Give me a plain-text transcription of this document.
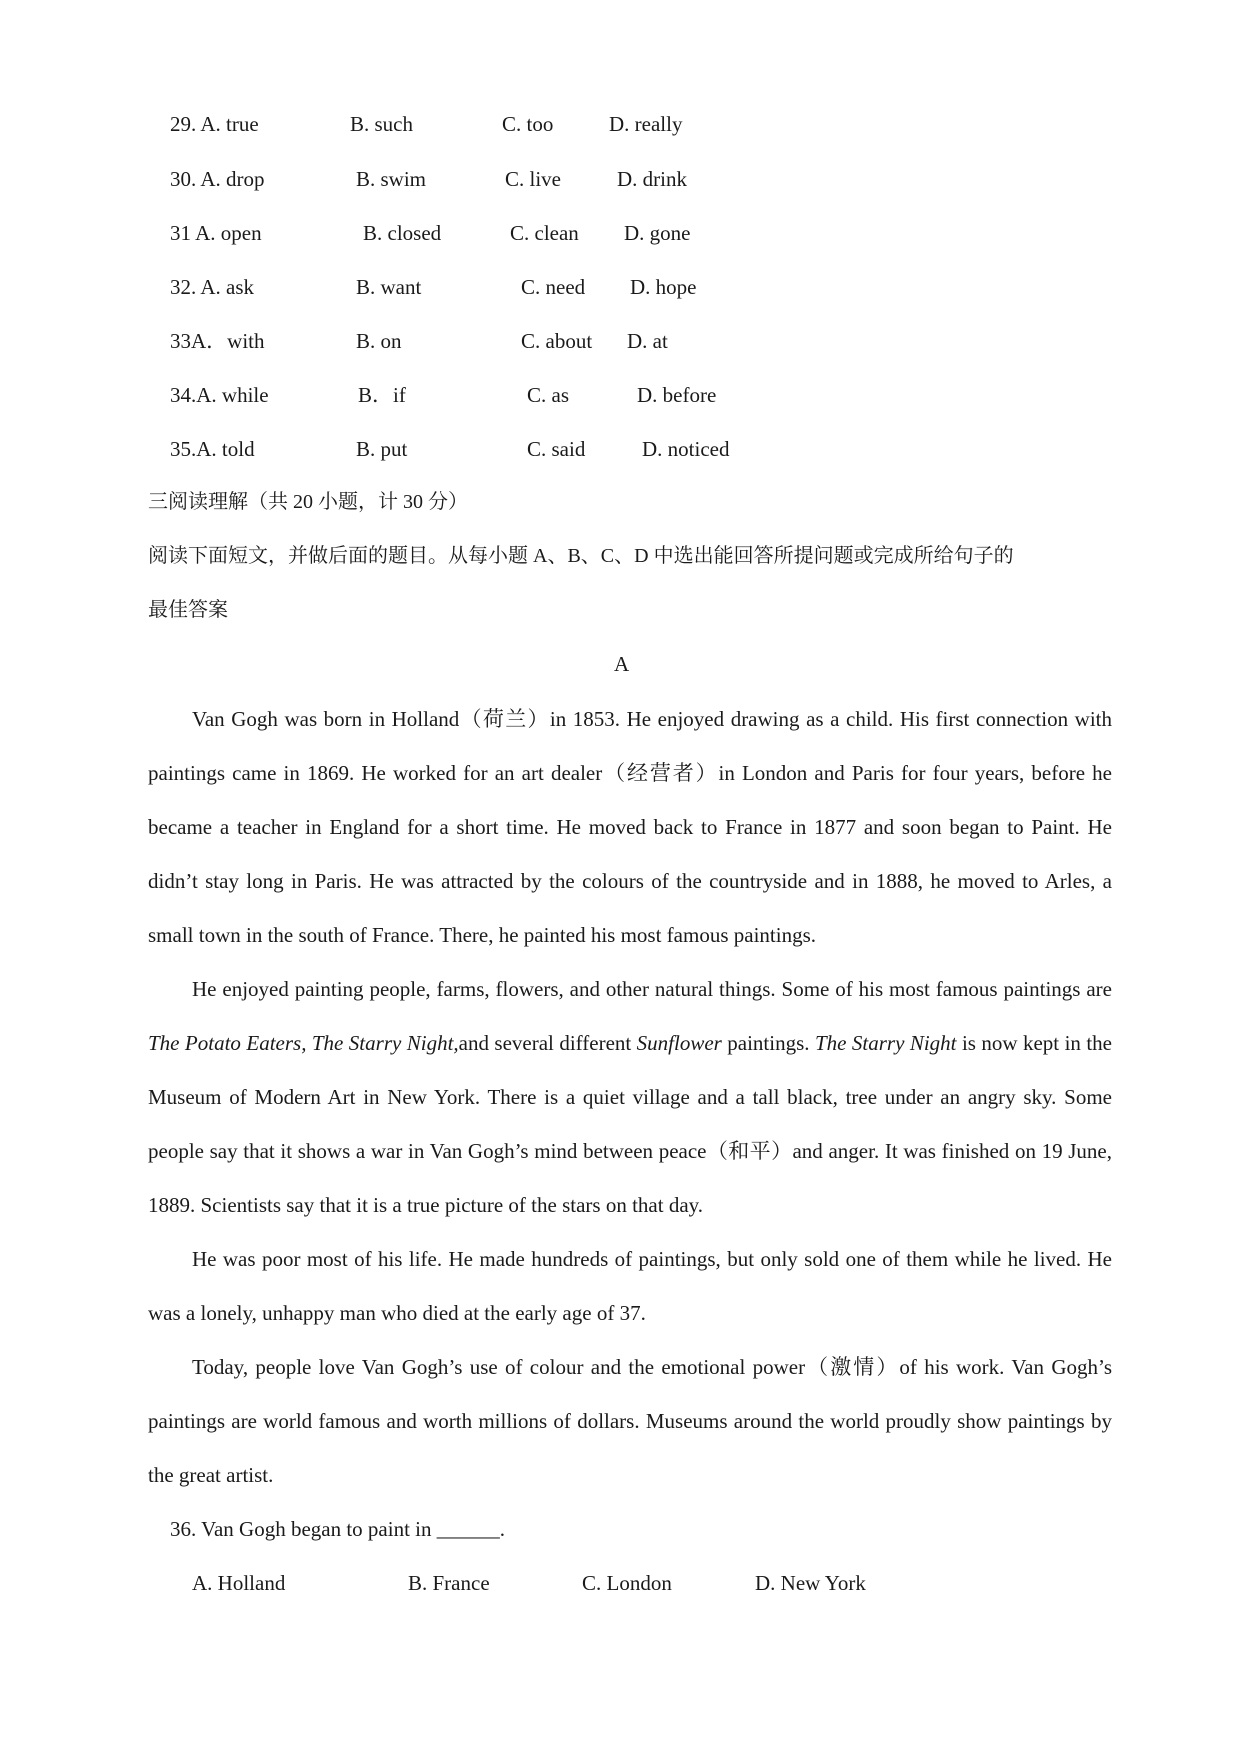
29. A. true	B. such	C. too	D. really
30. A. drop	B. swim	C. live	D. drink
31 A. open	B. closed	C. clean D. gone
32. A. ask	B. want	C. need D. hope
33A．with	B. on	C. about D. at
34.A. while	B．if	C. as	D. before
35.A. told	B. put	C. said	D. noticed
三阅读理解（共 20 小题，计 30 分）
阅读下面短文，并做后面的题目。从每小题 A、B、C、D 中选出能回答所提问题或完成所给句子的
最佳答案
A

Van Gogh was born in Holland（荷兰）in 1853. He enjoyed drawing as a child. His first connection with paintings came in 1869. He worked for an art dealer（经营者）in London and Paris for four years, before he became a teacher in England for a short time. He moved back to France in 1877 and soon began to Paint. He didn’t stay long in Paris. He was attracted by the colours of the countryside and in 1888, he moved to Arles, a small town in the south of France. There, he painted his most famous paintings.

He enjoyed painting people, farms, flowers, and other natural things. Some of his most famous paintings are The Potato Eaters, The Starry Night,and several different Sunflower paintings. The Starry Night is now kept in the Museum of Modern Art in New York. There is a quiet village and a tall black, tree under an angry sky. Some people say that it shows a war in Van Gogh’s mind between peace（和平）and anger. It was finished on 19 June, 1889. Scientists say that it is a true picture of the stars on that day.

He was poor most of his life. He made hundreds of paintings, but only sold one of them while he lived. He was a lonely, unhappy man who died at the early age of 37.

Today, people love Van Gogh’s use of colour and the emotional power（激情）of his work. Van Gogh’s paintings are world famous and worth millions of dollars. Museums around the world proudly show paintings by the great artist.

36. Van Gogh began to paint in ______.
A. Holland	B. France	C. London	D. New York
